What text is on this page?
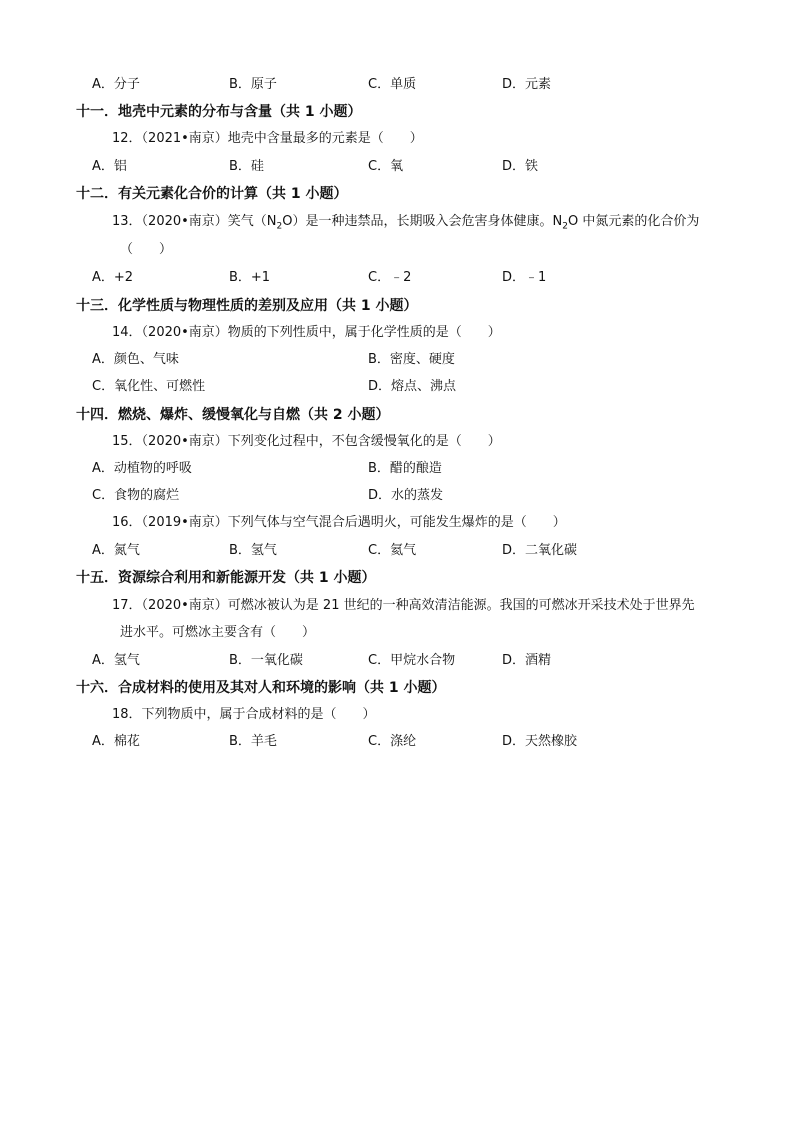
A．分子	B．原子	C．单质	D．元素
十一．地壳中元素的分布与含量（共 1 小题）
12．（2021•南京）地壳中含量最多的元素是（　　）
A．铝	B．硅	C．氧	D．铁
十二．有关元素化合价的计算（共 1 小题）
13．（2020•南京）笑气$(N_2O)$是一种违禁品，长期吸入会危害身体健康。$N_2O$ 中氮元素的化合价为
（　　）
A．+2	B．+1	C．﹣2	D．﹣1
十三．化学性质与物理性质的差别及应用（共 1 小题）
14．（2020•南京）物质的下列性质中，属于化学性质的是（　　）
A．颜色、气味	B．密度、硬度
C．氧化性、可燃性	D．熔点、沸点
十四．燃烧、爆炸、缓慢氧化与自燃（共 2 小题）
15．（2020•南京）下列变化过程中，不包含缓慢氧化的是（　　）
A．动植物的呼吸	B．醋的酿造
C．食物的腐烂	D．水的蒸发
16．（2019•南京）下列气体与空气混合后遇明火，可能发生爆炸的是（　　）
A．氮气	B．氢气	C．氦气	D．二氧化碳
十五．资源综合利用和新能源开发（共 1 小题）
17．（2020•南京）可燃冰被认为是 21 世纪的一种高效清洁能源。我国的可燃冰开采技术处于世界先
进水平。可燃冰主要含有（　　）
A．氢气	B．一氧化碳	C．甲烷水合物	D．酒精
十六．合成材料的使用及其对人和环境的影响（共 1 小题）
18．下列物质中，属于合成材料的是（　　）
A．棉花	B．羊毛	C．涤纶	D．天然橡胶
